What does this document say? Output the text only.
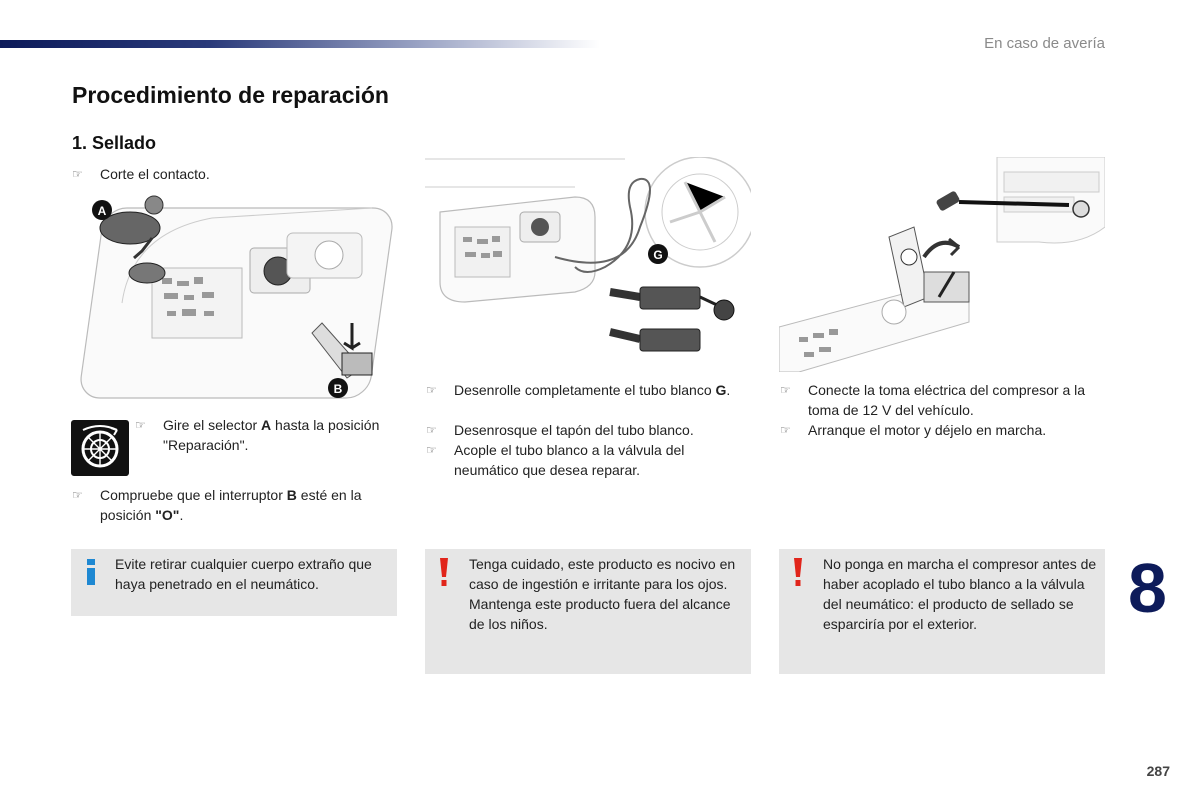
En caso de avería
Procedimiento de reparación
1. Sellado
☞ Corte el contacto.
A
B
☞ Gire el selector A hasta la posición "Reparación".
☞ Compruebe que el interruptor B esté en la posición "O".
Evite retirar cualquier cuerpo extraño que haya penetrado en el neumático.
G
☞ Desenrolle completamente el tubo blanco G.
☞ Desenrosque el tapón del tubo blanco.
☞ Acople el tubo blanco a la válvula del neumático que desea reparar.
Tenga cuidado, este producto es nocivo en caso de ingestión e irritante para los ojos.
Mantenga este producto fuera del alcance de los niños.
☞ Conecte la toma eléctrica del compresor a la toma de 12 V del vehículo.
☞ Arranque el motor y déjelo en marcha.
No ponga en marcha el compresor antes de haber acoplado el tubo blanco a la válvula del neumático: el producto de sellado se esparciría por el exterior.	8
287
